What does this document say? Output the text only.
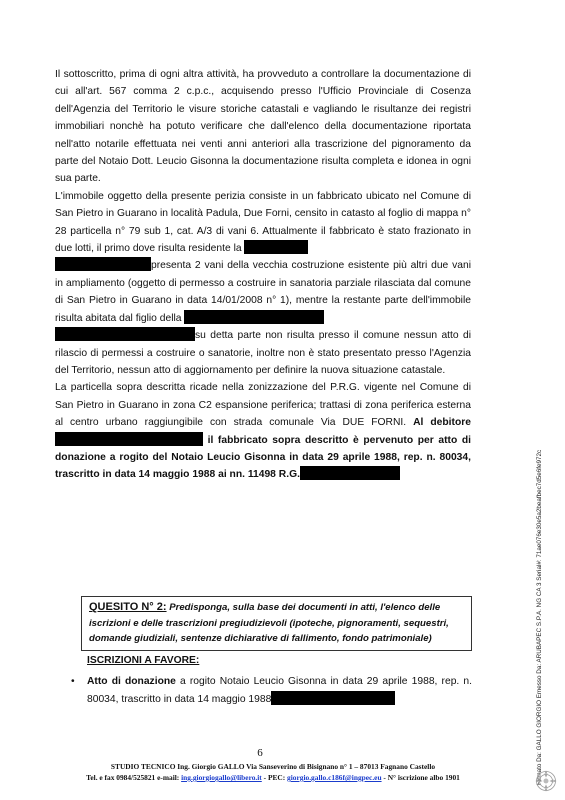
Il sottoscritto, prima di ogni altra attività, ha provveduto a controllare la documentazione di cui all'art. 567 comma 2 c.p.c., acquisendo presso l'Ufficio Provinciale di Cosenza dell'Agenzia del Territorio le visure storiche catastali e vagliando le risultanze dei registri immobiliari nonchè ha potuto verificare che dall'elenco della documentazione riportata nell'atto notarile effettuata nei venti anni anteriori alla trascrizione del pignoramento da parte del Notaio Dott. Leucio Gisonna la documentazione risulta completa e idonea in ogni sua parte.

L'immobile oggetto della presente perizia consiste in un fabbricato ubicato nel Comune di San Pietro in Guarano in località Padula, Due Forni, censito in catasto al foglio di mappa n° 28 particella n° 79 sub 1, cat. A/3 di vani 6. Attualmente il fabbricato è stato frazionato in due lotti, il primo dove risulta residente la
presenta 2 vani della vecchia costruzione esistente più altri due vani in ampliamento (oggetto di permesso a costruire in sanatoria parziale rilasciata dal comune di San Pietro in Guarano in data 14/01/2008 n° 1), mentre la restante parte dell'immobile risulta abitata dal figlio della
su detta parte non risulta presso il comune nessun atto di rilascio di permessi a costruire o sanatorie, inoltre non è stato presentato presso l'Agenzia del Territorio, nessun atto di aggiornamento per definire la nuova situazione catastale.

La particella sopra descritta ricade nella zonizzazione del P.R.G. vigente nel Comune di San Pietro in Guarano in zona C2 espansione periferica; trattasi di zona periferica esterna al centro urbano raggiungibile con strada comunale Via DUE FORNI. Al debitore  il fabbricato sopra descritto è pervenuto per atto di donazione a rogito del Notaio Leucio Gisonna in data 29 aprile 1988, rep. n. 80034, trascritto in data 14 maggio 1988 ai nn. 11498 R.G.

QUESITO N° 2: Predisponga, sulla base dei documenti in atti, l'elenco delle iscrizioni e delle trascrizioni pregiudizievoli (ipoteche, pignoramenti, sequestri, domande giudiziali, sentenze dichiarative di fallimento, fondo patrimoniale)
ISCRIZIONI A FAVORE:
• Atto di donazione a rogito Notaio Leucio Gisonna in data 29 aprile 1988, rep. n. 80034, trascritto in data 14 maggio 1988
6
STUDIO TECNICO Ing. Giorgio GALLO Via Sanseverino di Bisignano n° 1 – 87013 Fagnano Castello
Tel. e fax 0984/525821 e-mail: ing.giorgiogallo@libero.it - PEC: giorgio.gallo.c186f@ingpec.eu - N° iscrizione albo 1901	Firmato Da: GALLO GIORGIO Emesso Da: ARUBAPEC S.P.A. NG CA 3 Serial#: 71ae076e30e5a2beafbec7d5e6fe972c
